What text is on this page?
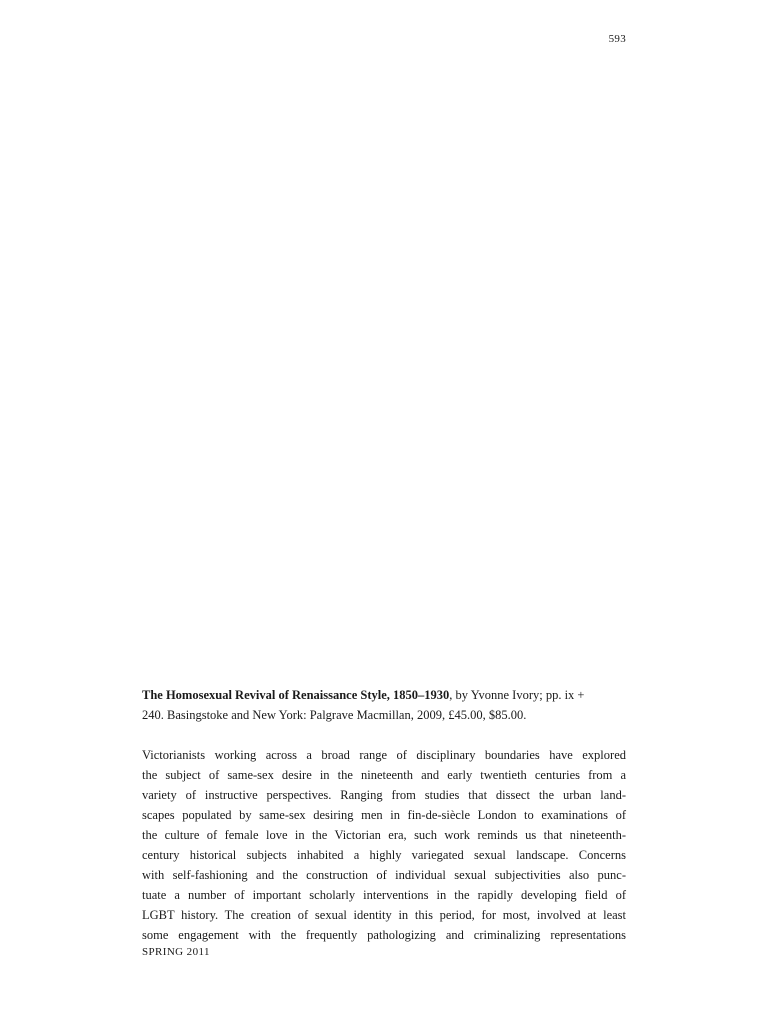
593

The Homosexual Revival of Renaissance Style, 1850–1930, by Yvonne Ivory; pp. ix +
240. Basingstoke and New York: Palgrave Macmillan, 2009, £45.00, $85.00.

Victorianists working across a broad range of disciplinary boundaries have explored
the subject of same-sex desire in the nineteenth and early twentieth centuries from a
variety of instructive perspectives. Ranging from studies that dissect the urban land-
scapes populated by same-sex desiring men in fin-de-siècle London to examinations of
the culture of female love in the Victorian era, such work reminds us that nineteenth-
century historical subjects inhabited a highly variegated sexual landscape. Concerns
with self-fashioning and the construction of individual sexual subjectivities also punc-
tuate a number of important scholarly interventions in the rapidly developing field of
LGBT history. The creation of sexual identity in this period, for most, involved at least
some engagement with the frequently pathologizing and criminalizing representations

SPRING 2011
